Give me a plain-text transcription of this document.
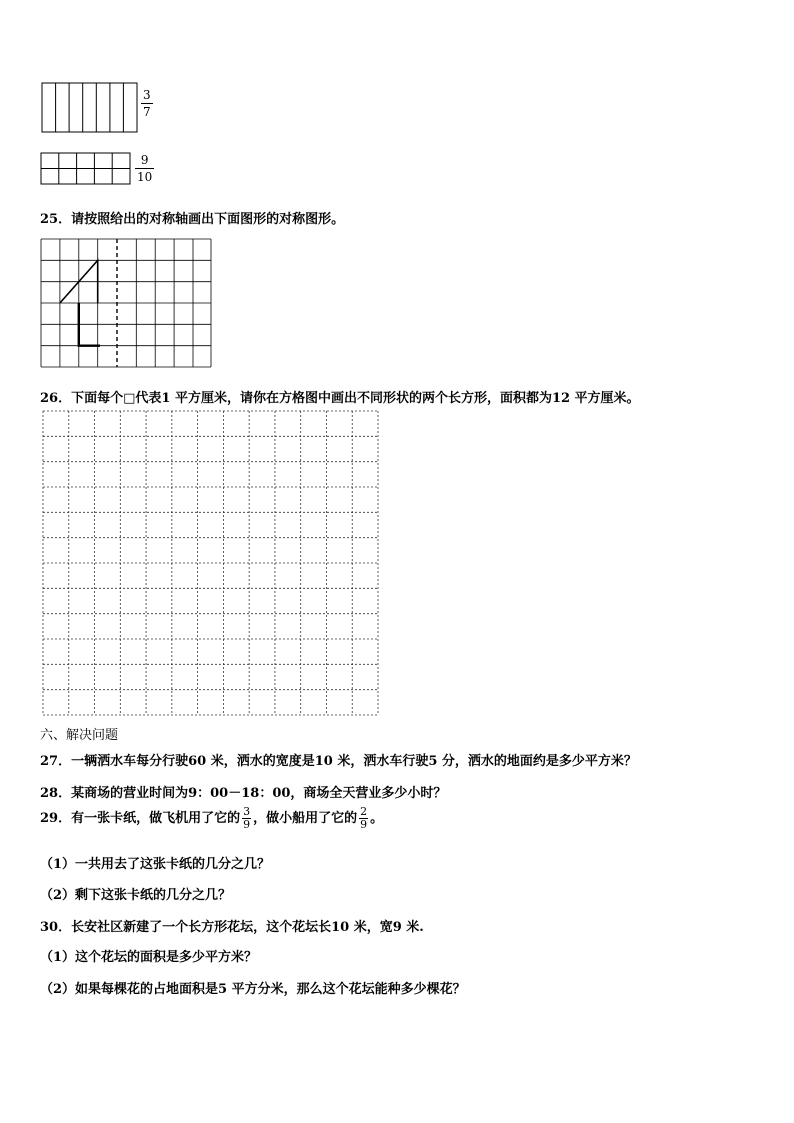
3
7
9
10
25．请按照给出的对称轴画出下面图形的对称图形。
26．下面每个□代表1 平方厘米，请你在方格图中画出不同形状的两个长方形，面积都为12 平方厘米。
六、解决问题
27．一辆洒水车每分行驶60 米，洒水的宽度是10 米，洒水车行驶5 分，洒水的地面约是多少平方米？
28．某商场的营业时间为9：00－18：00，商场全天营业多少小时？
29．有一张卡纸，做飞机用了它的 $\frac{3}{9}$ ，做小船用了它的 $\frac{2}{9}$ 。
（1）一共用去了这张卡纸的几分之几？
（2）剩下这张卡纸的几分之几？
30．长安社区新建了一个长方形花坛，这个花坛长10 米，宽9 米.
（1）这个花坛的面积是多少平方米？
（2）如果每棵花的占地面积是5 平方分米，那么这个花坛能种多少棵花？
